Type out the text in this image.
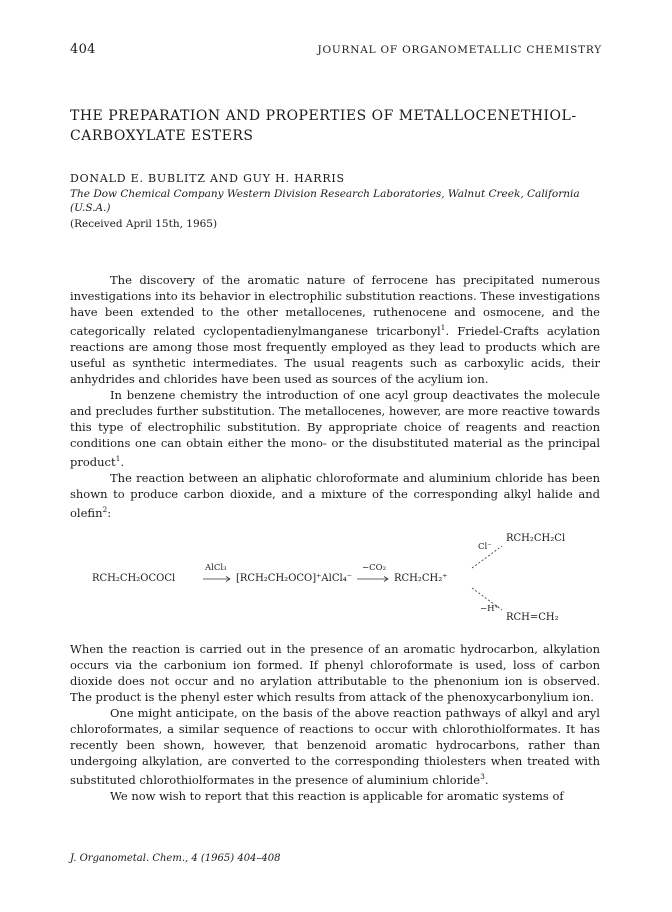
404	JOURNAL OF ORGANOMETALLIC CHEMISTRY
THE PREPARATION AND PROPERTIES OF METALLOCENETHIOL-CARBOXYLATE ESTERS
DONALD E. BUBLITZ AND GUY H. HARRIS
The Dow Chemical Company Western Division Research Laboratories, Walnut Creek, California (U.S.A.)
(Received April 15th, 1965)

The discovery of the aromatic nature of ferrocene has precipitated numerous investigations into its behavior in electrophilic substitution reactions. These investigations have been extended to the other metallocenes, ruthenocene and osmocene, and the categorically related cyclopentadienylmanganese tricarbonyl$^1$. Friedel-Crafts acylation reactions are among those most frequently employed as they lead to products which are useful as synthetic intermediates. The usual reagents such as carboxylic acids, their anhydrides and chlorides have been used as sources of the acylium ion.

In benzene chemistry the introduction of one acyl group deactivates the molecule and precludes further substitution. The metallocenes, however, are more reactive towards this type of electrophilic substitution. By appropriate choice of reagents and reaction conditions one can obtain either the mono- or the disubstituted material as the principal product$^1$.

The reaction between an aliphatic chloroformate and aluminium chloride has been shown to produce carbon dioxide, and a mixture of the corresponding alkyl halide and olefin$^2$:

RCH₂CH₂OCOCl
AlCl₃
[RCH₂CH₂OCO]⁺AlCl₄⁻
−CO₂
RCH₂CH₂⁺
Cl⁻
RCH₂CH₂Cl
−H⁺
RCH=CH₂

When the reaction is carried out in the presence of an aromatic hydrocarbon, alkylation occurs via the carbonium ion formed. If phenyl chloroformate is used, loss of carbon dioxide does not occur and no arylation attributable to the phenonium ion is observed. The product is the phenyl ester which results from attack of the phenoxycarbonylium ion.

One might anticipate, on the basis of the above reaction pathways of alkyl and aryl chloroformates, a similar sequence of reactions to occur with chlorothiolformates. It has recently been shown, however, that benzenoid aromatic hydrocarbons, rather than undergoing alkylation, are converted to the corresponding thiolesters when treated with substituted chlorothiolformates in the presence of aluminium chloride$^3$.

We now wish to report that this reaction is applicable for aromatic systems of

J. Organometal. Chem., 4 (1965) 404–408
